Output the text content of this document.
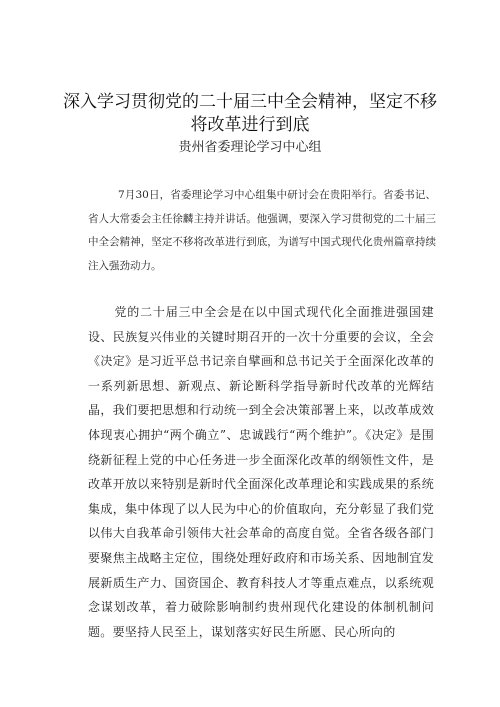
深入学习贯彻党的二十届三中全会精神，坚定不移将改革进行到底
贵州省委理论学习中心组

7月30日，省委理论学习中心组集中研讨会在贵阳举行。省委书记、省人大常委会主任徐麟主持并讲话。他强调，要深入学习贯彻党的二十届三中全会精神，坚定不移将改革进行到底，为谱写中国式现代化贵州篇章持续注入强劲动力。

党的二十届三中全会是在以中国式现代化全面推进强国建设、民族复兴伟业的关键时期召开的一次十分重要的会议，全会《决定》是习近平总书记亲自擘画和总书记关于全面深化改革的一系列新思想、新观点、新论断科学指导新时代改革的光辉结晶，我们要把思想和行动统一到全会决策部署上来，以改革成效体现衷心拥护“两个确立”、忠诚践行“两个维护”。《决定》是围绕新征程上党的中心任务进一步全面深化改革的纲领性文件，是改革开放以来特别是新时代全面深化改革理论和实践成果的系统集成，集中体现了以人民为中心的价值取向，充分彰显了我们党以伟大自我革命引领伟大社会革命的高度自觉。全省各级各部门要聚焦主战略主定位，围绕处理好政府和市场关系、因地制宜发展新质生产力、国资国企、教育科技人才等重点难点，以系统观念谋划改革，着力破除影响制约贵州现代化建设的体制机制问题。要坚持人民至上，谋划落实好民生所愿、民心所向的
